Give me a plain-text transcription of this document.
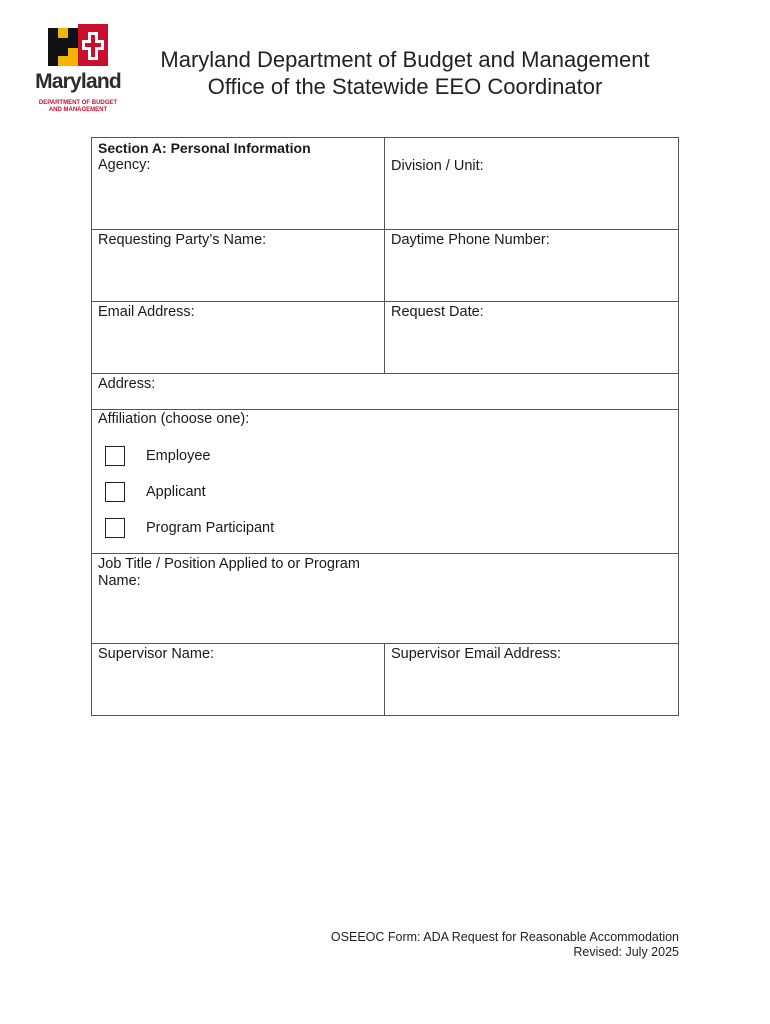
Maryland
DEPARTMENT OF BUDGET
AND MANAGEMENT
Maryland Department of Budget and Management
Office of the Statewide EEO Coordinator
Section A: Personal Information
Agency:	Division / Unit:
Requesting Party’s Name:	Daytime Phone Number:
Email Address:	Request Date:
Address:
Affiliation (choose one):
Employee
Applicant
Program Participant
Job Title / Position Applied to or Program
Name:
Supervisor Name:	Supervisor Email Address:
OSEEOC Form: ADA Request for Reasonable Accommodation
Revised: July 2025
